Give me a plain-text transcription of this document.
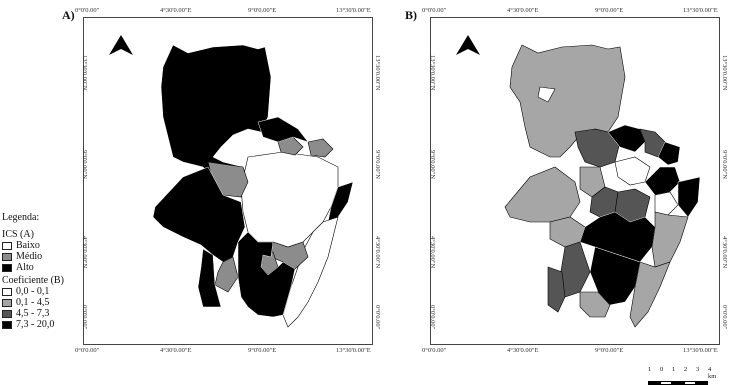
A) 0°0'0.00"	4°30'0.00"E	9°0'0.00"E	13°30'0.00"E
0°0'0.00"	4°30'0.00"E	9°0'0.00"E	13°30'0.00"E
13°30'0.00"N
9°0'0.00"N
4°30'0.00"N
0°0'0.00"
13°30'0.00"N
9°0'0.00"N
4°30'0.00"N
0°0'0.00"
B) 0°0'0.00"	4°30'0.00"E	9°0'0.00"E	13°30'0.00"E
0°0'0.00"	4°30'0.00"E	9°0'0.00"E	13°30'0.00"E
13°30'0.00"N
9°0'0.00"N
4°30'0.00"N
0°0'0.00"
13°30'0.00"N
9°0'0.00"N
4°30'0.00"N
0°0'0.00"
Legenda:
ICS (A)
Baixo
Médio
Alto
Coeficiente (B)
0,0 - 0,1
0,1 - 4,5
4,5 - 7,3
7,3 - 20,0
1	0	1	2	3	4 km
